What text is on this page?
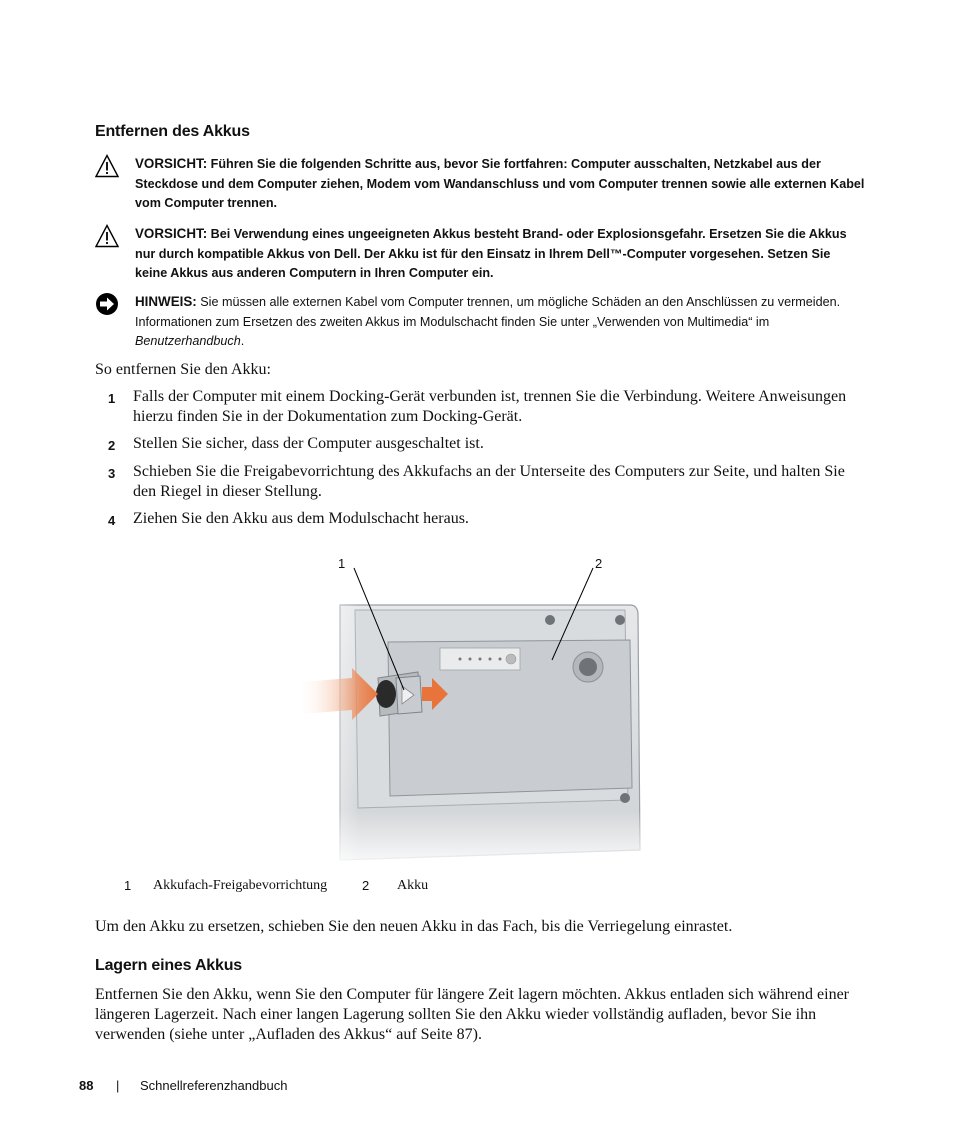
Entfernen des Akkus
VORSICHT: Führen Sie die folgenden Schritte aus, bevor Sie fortfahren: Computer ausschalten, Netzkabel aus der Steckdose und dem Computer ziehen, Modem vom Wandanschluss und vom Computer trennen sowie alle externen Kabel vom Computer trennen.
VORSICHT: Bei Verwendung eines ungeeigneten Akkus besteht Brand- oder Explosionsgefahr. Ersetzen Sie die Akkus nur durch kompatible Akkus von Dell. Der Akku ist für den Einsatz in Ihrem Dell™-Computer vorgesehen. Setzen Sie keine Akkus aus anderen Computern in Ihren Computer ein.
HINWEIS: Sie müssen alle externen Kabel vom Computer trennen, um mögliche Schäden an den Anschlüssen zu vermeiden. Informationen zum Ersetzen des zweiten Akkus im Modulschacht finden Sie unter „Verwenden von Multimedia“ im Benutzerhandbuch.
So entfernen Sie den Akku:
1 Falls der Computer mit einem Docking-Gerät verbunden ist, trennen Sie die Verbindung. Weitere Anweisungen hierzu finden Sie in der Dokumentation zum Docking-Gerät.
2 Stellen Sie sicher, dass der Computer ausgeschaltet ist.
3 Schieben Sie die Freigabevorrichtung des Akkufachs an der Unterseite des Computers zur Seite, und halten Sie den Riegel in dieser Stellung.
4 Ziehen Sie den Akku aus dem Modulschacht heraus.
1	2
1 Akkufach-Freigabevorrichtung	2 Akku
Um den Akku zu ersetzen, schieben Sie den neuen Akku in das Fach, bis die Verriegelung einrastet.
Lagern eines Akkus
Entfernen Sie den Akku, wenn Sie den Computer für längere Zeit lagern möchten. Akkus entladen sich während einer längeren Lagerzeit. Nach einer langen Lagerung sollten Sie den Akku wieder vollständig aufladen, bevor Sie ihn verwenden (siehe unter „Aufladen des Akkus“ auf Seite 87).
88 | Schnellreferenzhandbuch
